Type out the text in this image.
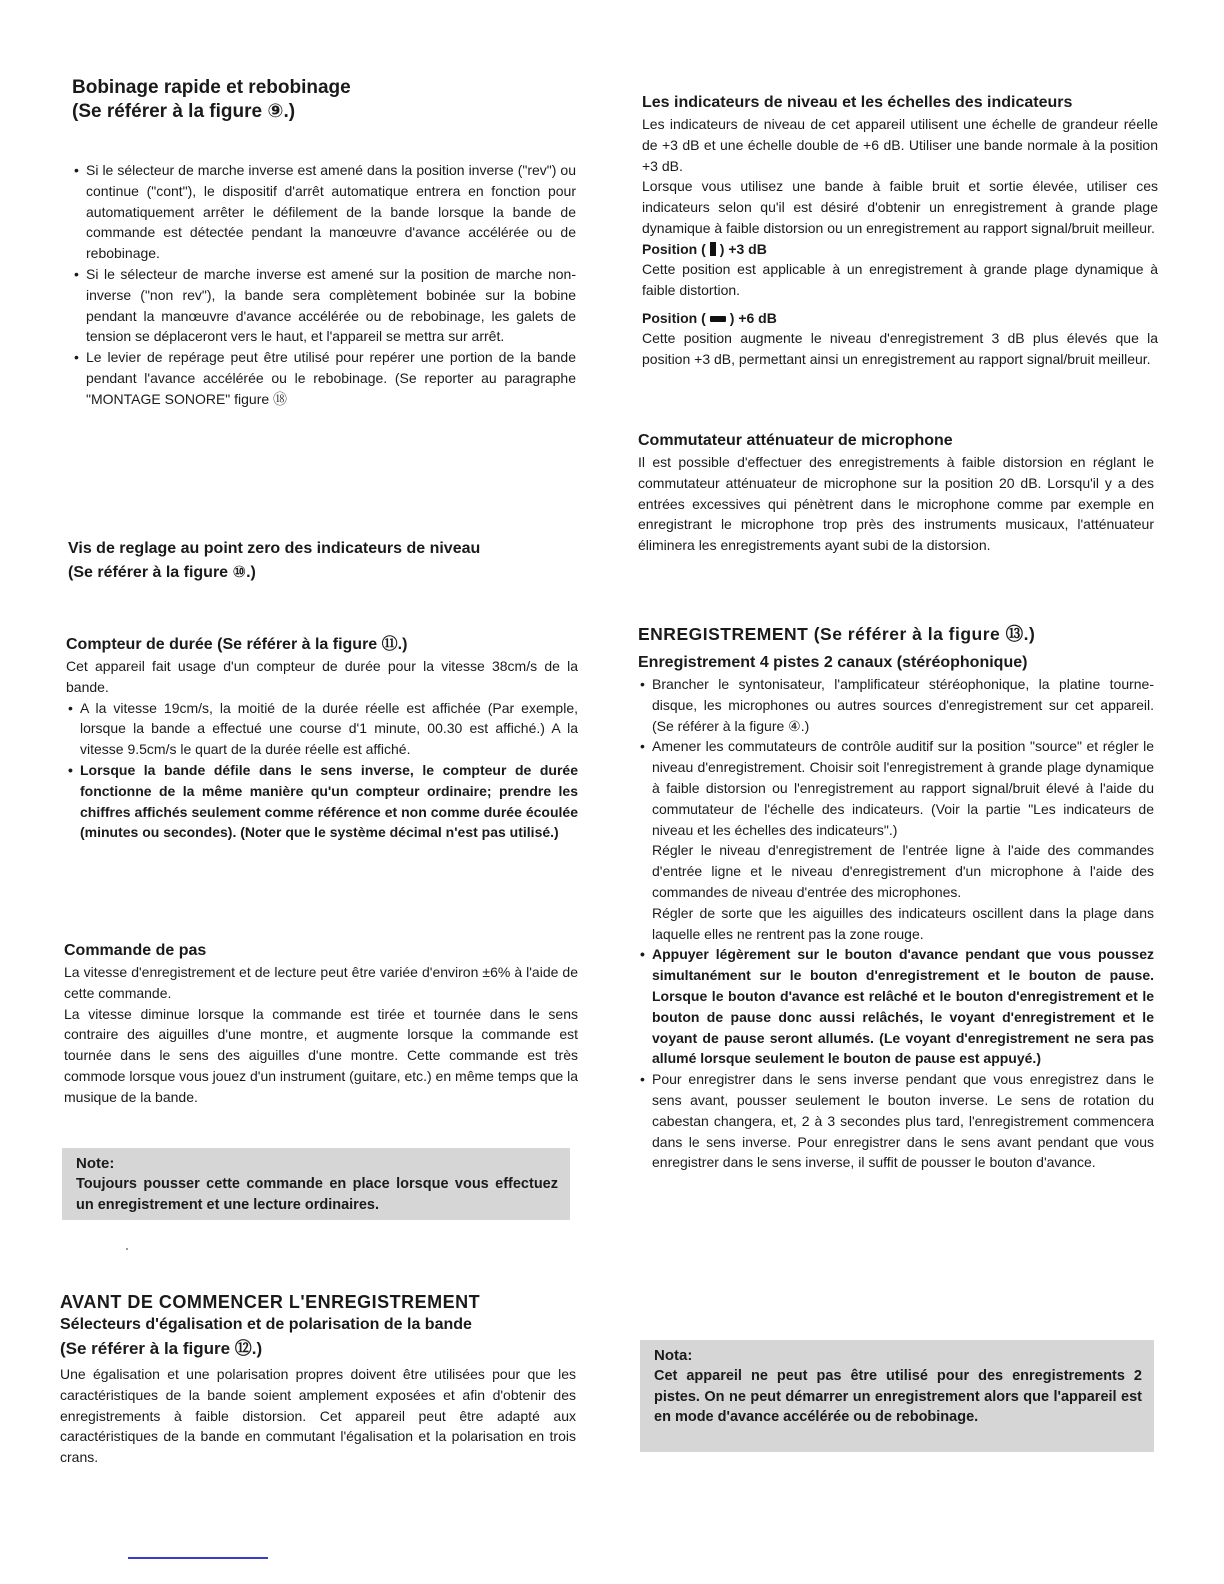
Bobinage rapide et rebobinage
(Se référer à la figure ⑨.)
• Si le sélecteur de marche inverse est amené dans la position inverse ("rev") ou continue ("cont"), le dispositif d'arrêt automatique entrera en fonction pour automatiquement arrêter le défilement de la bande lorsque la bande de commande est détectée pendant la manœuvre d'avance accélérée ou de rebobinage.
• Si le sélecteur de marche inverse est amené sur la position de marche non-inverse ("non rev"), la bande sera complètement bobinée sur la bobine pendant la manœuvre d'avance accélérée ou de rebobinage, les galets de tension se déplaceront vers le haut, et l'appareil se mettra sur arrêt.
• Le levier de repérage peut être utilisé pour repérer une portion de la bande pendant l'avance accélérée ou le rebobinage. (Se reporter au paragraphe "MONTAGE SONORE" figure ⑱
Vis de reglage au point zero des indicateurs de niveau
(Se référer à la figure ⑩.)
Compteur de durée (Se référer à la figure ⑪.)

Cet appareil fait usage d'un compteur de durée pour la vitesse 38cm/s de la bande.

• A la vitesse 19cm/s, la moitié de la durée réelle est affichée (Par exemple, lorsque la bande a effectué une course d'1 minute, 00.30 est affiché.) A la vitesse 9.5cm/s le quart de la durée réelle est affiché.
• Lorsque la bande défile dans le sens inverse, le compteur de durée fonctionne de la même manière qu'un compteur ordinaire; prendre les chiffres affichés seulement comme référence et non comme durée écoulée (minutes ou secondes). (Noter que le système décimal n'est pas utilisé.)
Commande de pas

La vitesse d'enregistrement et de lecture peut être variée d'environ ±6% à l'aide de cette commande.

La vitesse diminue lorsque la commande est tirée et tournée dans le sens contraire des aiguilles d'une montre, et augmente lorsque la commande est tournée dans le sens des aiguilles d'une montre. Cette commande est très commode lorsque vous jouez d'un instrument (guitare, etc.) en même temps que la musique de la bande.

Note:

Toujours pousser cette commande en place lorsque vous effectuez un enregistrement et une lecture ordinaires.

AVANT DE COMMENCER L'ENREGISTREMENT
Sélecteurs d'égalisation et de polarisation de la bande
(Se référer à la figure ⑫.)

Une égalisation et une polarisation propres doivent être utilisées pour que les caractéristiques de la bande soient amplement exposées et afin d'obtenir des enregistrements à faible distorsion. Cet appareil peut être adapté aux caractéristiques de la bande en commutant l'égalisation et la polarisation en trois crans.

Les indicateurs de niveau et les échelles des indicateurs

Les indicateurs de niveau de cet appareil utilisent une échelle de grandeur réelle de +3 dB et une échelle double de +6 dB. Utiliser une bande normale à la position +3 dB.

Lorsque vous utilisez une bande à faible bruit et sortie élevée, utiliser ces indicateurs selon qu'il est désiré d'obtenir un enregistrement à grande plage dynamique à faible distorsion ou un enregistrement au rapport signal/bruit meilleur.

Position ( ) +3 dB

Cette position est applicable à un enregistrement à grande plage dynamique à faible distortion.

Position ( ) +6 dB

Cette position augmente le niveau d'enregistrement 3 dB plus élevés que la position +3 dB, permettant ainsi un enregistrement au rapport signal/bruit meilleur.

Commutateur atténuateur de microphone

Il est possible d'effectuer des enregistrements à faible distorsion en réglant le commutateur atténuateur de microphone sur la position 20 dB. Lorsqu'il y a des entrées excessives qui pénètrent dans le microphone comme par exemple en enregistrant le microphone trop près des instruments musicaux, l'atténuateur éliminera les enregistrements ayant subi de la distorsion.

ENREGISTREMENT (Se référer à la figure ⑬.)
Enregistrement 4 pistes 2 canaux (stéréophonique)
• Brancher le syntonisateur, l'amplificateur stéréophonique, la platine tourne-disque, les microphones ou autres sources d'enregistrement sur cet appareil. (Se référer à la figure ④.)
• Amener les commutateurs de contrôle auditif sur la position "source" et régler le niveau d'enregistrement. Choisir soit l'enregistrement à grande plage dynamique à faible distorsion ou l'enregistrement au rapport signal/bruit élevé à l'aide du commutateur de l'échelle des indicateurs. (Voir la partie "Les indicateurs de niveau et les échelles des indicateurs".)
Régler le niveau d'enregistrement de l'entrée ligne à l'aide des commandes d'entrée ligne et le niveau d'enregistrement d'un microphone à l'aide des commandes de niveau d'entrée des microphones.
Régler de sorte que les aiguilles des indicateurs oscillent dans la plage dans laquelle elles ne rentrent pas la zone rouge.
• Appuyer légèrement sur le bouton d'avance pendant que vous poussez simultanément sur le bouton d'enregistrement et le bouton de pause. Lorsque le bouton d'avance est relâché et le bouton d'enregistrement et le bouton de pause donc aussi relâchés, le voyant d'enregistrement et le voyant de pause seront allumés. (Le voyant d'enregistrement ne sera pas allumé lorsque seulement le bouton de pause est appuyé.)
• Pour enregistrer dans le sens inverse pendant que vous enregistrez dans le sens avant, pousser seulement le bouton inverse. Le sens de rotation du cabestan changera, et, 2 à 3 secondes plus tard, l'enregistrement commencera dans le sens inverse. Pour enregistrer dans le sens avant pendant que vous enregistrer dans le sens inverse, il suffit de pousser le bouton d'avance.
Nota:

Cet appareil ne peut pas être utilisé pour des enregistrements 2 pistes. On ne peut démarrer un enregistrement alors que l'appareil est en mode d'avance accélérée ou de rebobinage.
